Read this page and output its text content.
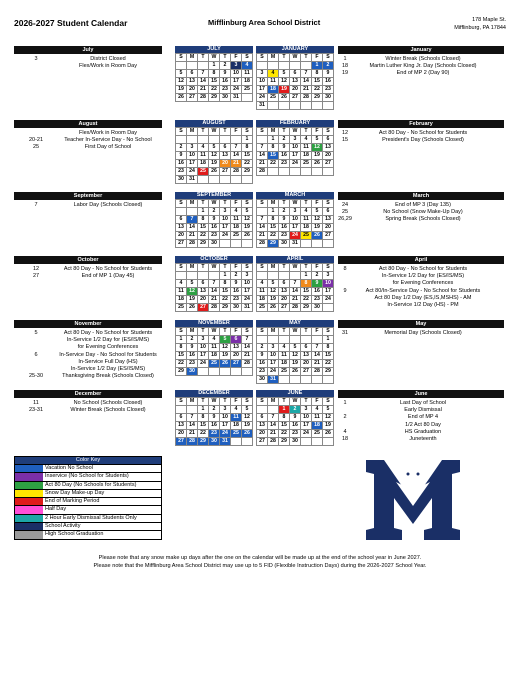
2026-2027 Student Calendar	Mifflinburg Area School District	178 Maple St.
Mifflinburg, PA 17844
July
3	District Closed
Flex/Work in Room Day
JULY
S	M	T	W	T	F	S
			1	2	3	4
5	6	7	8	9	10	11
12	13	14	15	16	17	18
19	20	21	22	23	24	25
26	27	28	29	30	31	
JANUARY
S	M	T	W	T	F	S
					1	2
3	4	5	6	7	8	9
10	11	12	13	14	15	16
17	18	19	20	21	22	23
24	25	26	27	28	29	30
31						
January
1	Winter Break (Schools Closed)
18	Martin Luther King Jr. Day (Schools Closed)
19	End of MP 2 (Day 90)
August
Flex/Work in Room Day
20-21	Teacher In-Service Day - No School
25	First Day of School
AUGUST
S	M	T	W	T	F	S
						1
2	3	4	5	6	7	8
9	10	11	12	13	14	15
16	17	18	19	20	21	22
23	24	25	26	27	28	29
30	31					
FEBRUARY
S	M	T	W	T	F	S
	1	2	3	4	5	6
7	8	9	10	11	12	13
14	15	16	17	18	19	20
21	22	23	24	25	26	27
28						
February
12	Act 80 Day - No School for Students
15	President's Day (Schools Closed)
September
7	Labor Day (Schools Closed)
SEPTEMBER
S	M	T	W	T	F	S
		1	2	3	4	5
6	7	8	9	10	11	12
13	14	15	16	17	18	19
20	21	22	23	24	25	26
27	28	29	30			
MARCH
S	M	T	W	T	F	S
	1	2	3	4	5	6
7	8	9	10	11	12	13
14	15	16	17	18	19	20
21	22	23	24	25	26	27
28	29	30	31			
March
24	End of MP 3 (Day 135)
25	No School (Snow Make-Up Day)
26,29	Spring Break (Schools Closed)
October
12	Act 80 Day - No School for Students
27	End of MP 1 (Day 45)
OCTOBER
S	M	T	W	T	F	S
				1	2	3
4	5	6	7	8	9	10
11	12	13	14	15	16	17
18	19	20	21	22	23	24
25	26	27	28	29	30	31
APRIL
S	M	T	W	T	F	S
				1	2	3
4	5	6	7	8	9	10
11	12	13	14	15	16	17
18	19	20	21	22	23	24
25	26	27	28	29	30	
April
8	Act 80 Day - No School for Students
In-Service 1/2 Day for (ES/IS/MS)
for Evening Conferences
9	Act 80/In-Service Day - No School for Students
Act 80 Day 1/2 Day (ES,IS,MSHS) - AM
In-Service 1/2 Day (HS) - PM
November
5	Act 80 Day - No School for Students
In-Service 1/2 Day for (ES/IS/MS)
for Evening Conferences
6	In-Service Day - No School for Students
In-Service Full Day (HS)
In-Service 1/2 Day (ES/IS/MS)
25-30	Thanksgiving Break (Schools Closed)
NOVEMBER
S	M	T	W	T	F	S
1	2	3	4	5	6	7
8	9	10	11	12	13	14
15	16	17	18	19	20	21
22	23	24	25	26	27	28
29	30					
MAY
S	M	T	W	T	F	S
						1
2	3	4	5	6	7	8
9	10	11	12	13	14	15
16	17	18	19	20	21	22
23	24	25	26	27	28	29
30	31					
May
31	Memorial Day (Schools Closed)
December
11	No School (Schools Closed)
23-31	Winter Break (Schools Closed)
DECEMBER
S	M	T	W	T	F	S
		1	2	3	4	5
6	7	8	9	10	11	12
13	14	15	16	17	18	19
20	21	22	23	24	25	26
27	28	29	30	31		
JUNE
S	M	T	W	T	F	S
		1	2	3	4	5
6	7	8	9	10	11	12
13	14	15	16	17	18	19
20	21	22	23	24	25	26
27	28	29	30			
June
1	Last Day of School
Early Dismissal
2	End of MP 4
1/2 Act 80 Day
4	HS Graduation
18	Juneteenth
Color Key
Vacation No School
Inservice (No School for Students)
Act 80 Day (No Schools for Students)
Snow Day Make-up Day
End of Marking Period
Half Day
2 Hour Early Dismissal Students Only
School Activity
High School Graduation
Please note that any snow make up days after the one on the calendar will be made up at the end of the school year in June 2027.
Please note that the Mifflinburg Area School District may use up to 5 FID (Flexible Instruction Days) during the 2026-2027 School Year.
